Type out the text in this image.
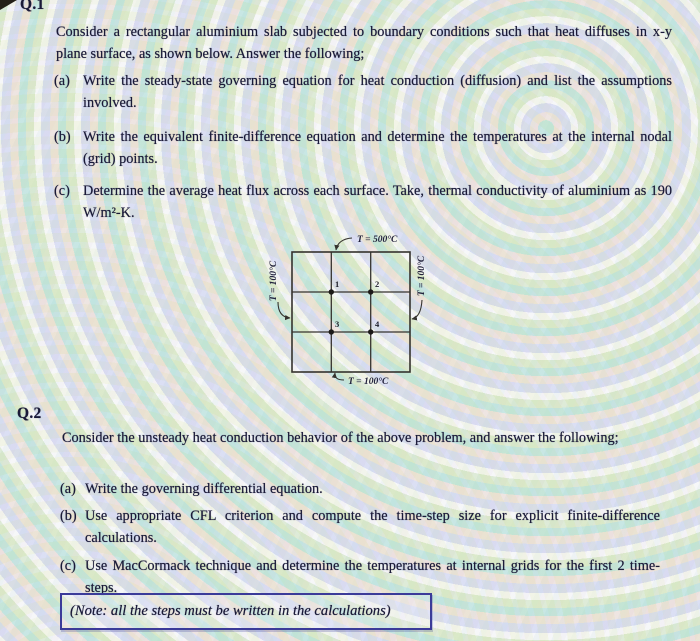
Q.1
Consider a rectangular aluminium slab subjected to boundary conditions such that heat diffuses in x-y plane surface, as shown below. Answer the following;
(a) Write the steady-state governing equation for heat conduction (diffusion) and list the assumptions involved.
(b) Write the equivalent finite-difference equation and determine the temperatures at the internal nodal (grid) points.
(c) Determine the average heat flux across each surface. Take, thermal conductivity of aluminium as 190 W/m²-K.
1	2
3	4
T = 500°C
T = 100°C	T = 100°C
T = 100°C
Q.2
Consider the unsteady heat conduction behavior of the above problem, and answer the following;
(a) Write the governing differential equation.
(b) Use appropriate CFL criterion and compute the time-step size for explicit finite-difference calculations.
(c) Use MacCormack technique and determine the temperatures at internal grids for the first 2 time-steps.
(Note: all the steps must be written in the calculations)
